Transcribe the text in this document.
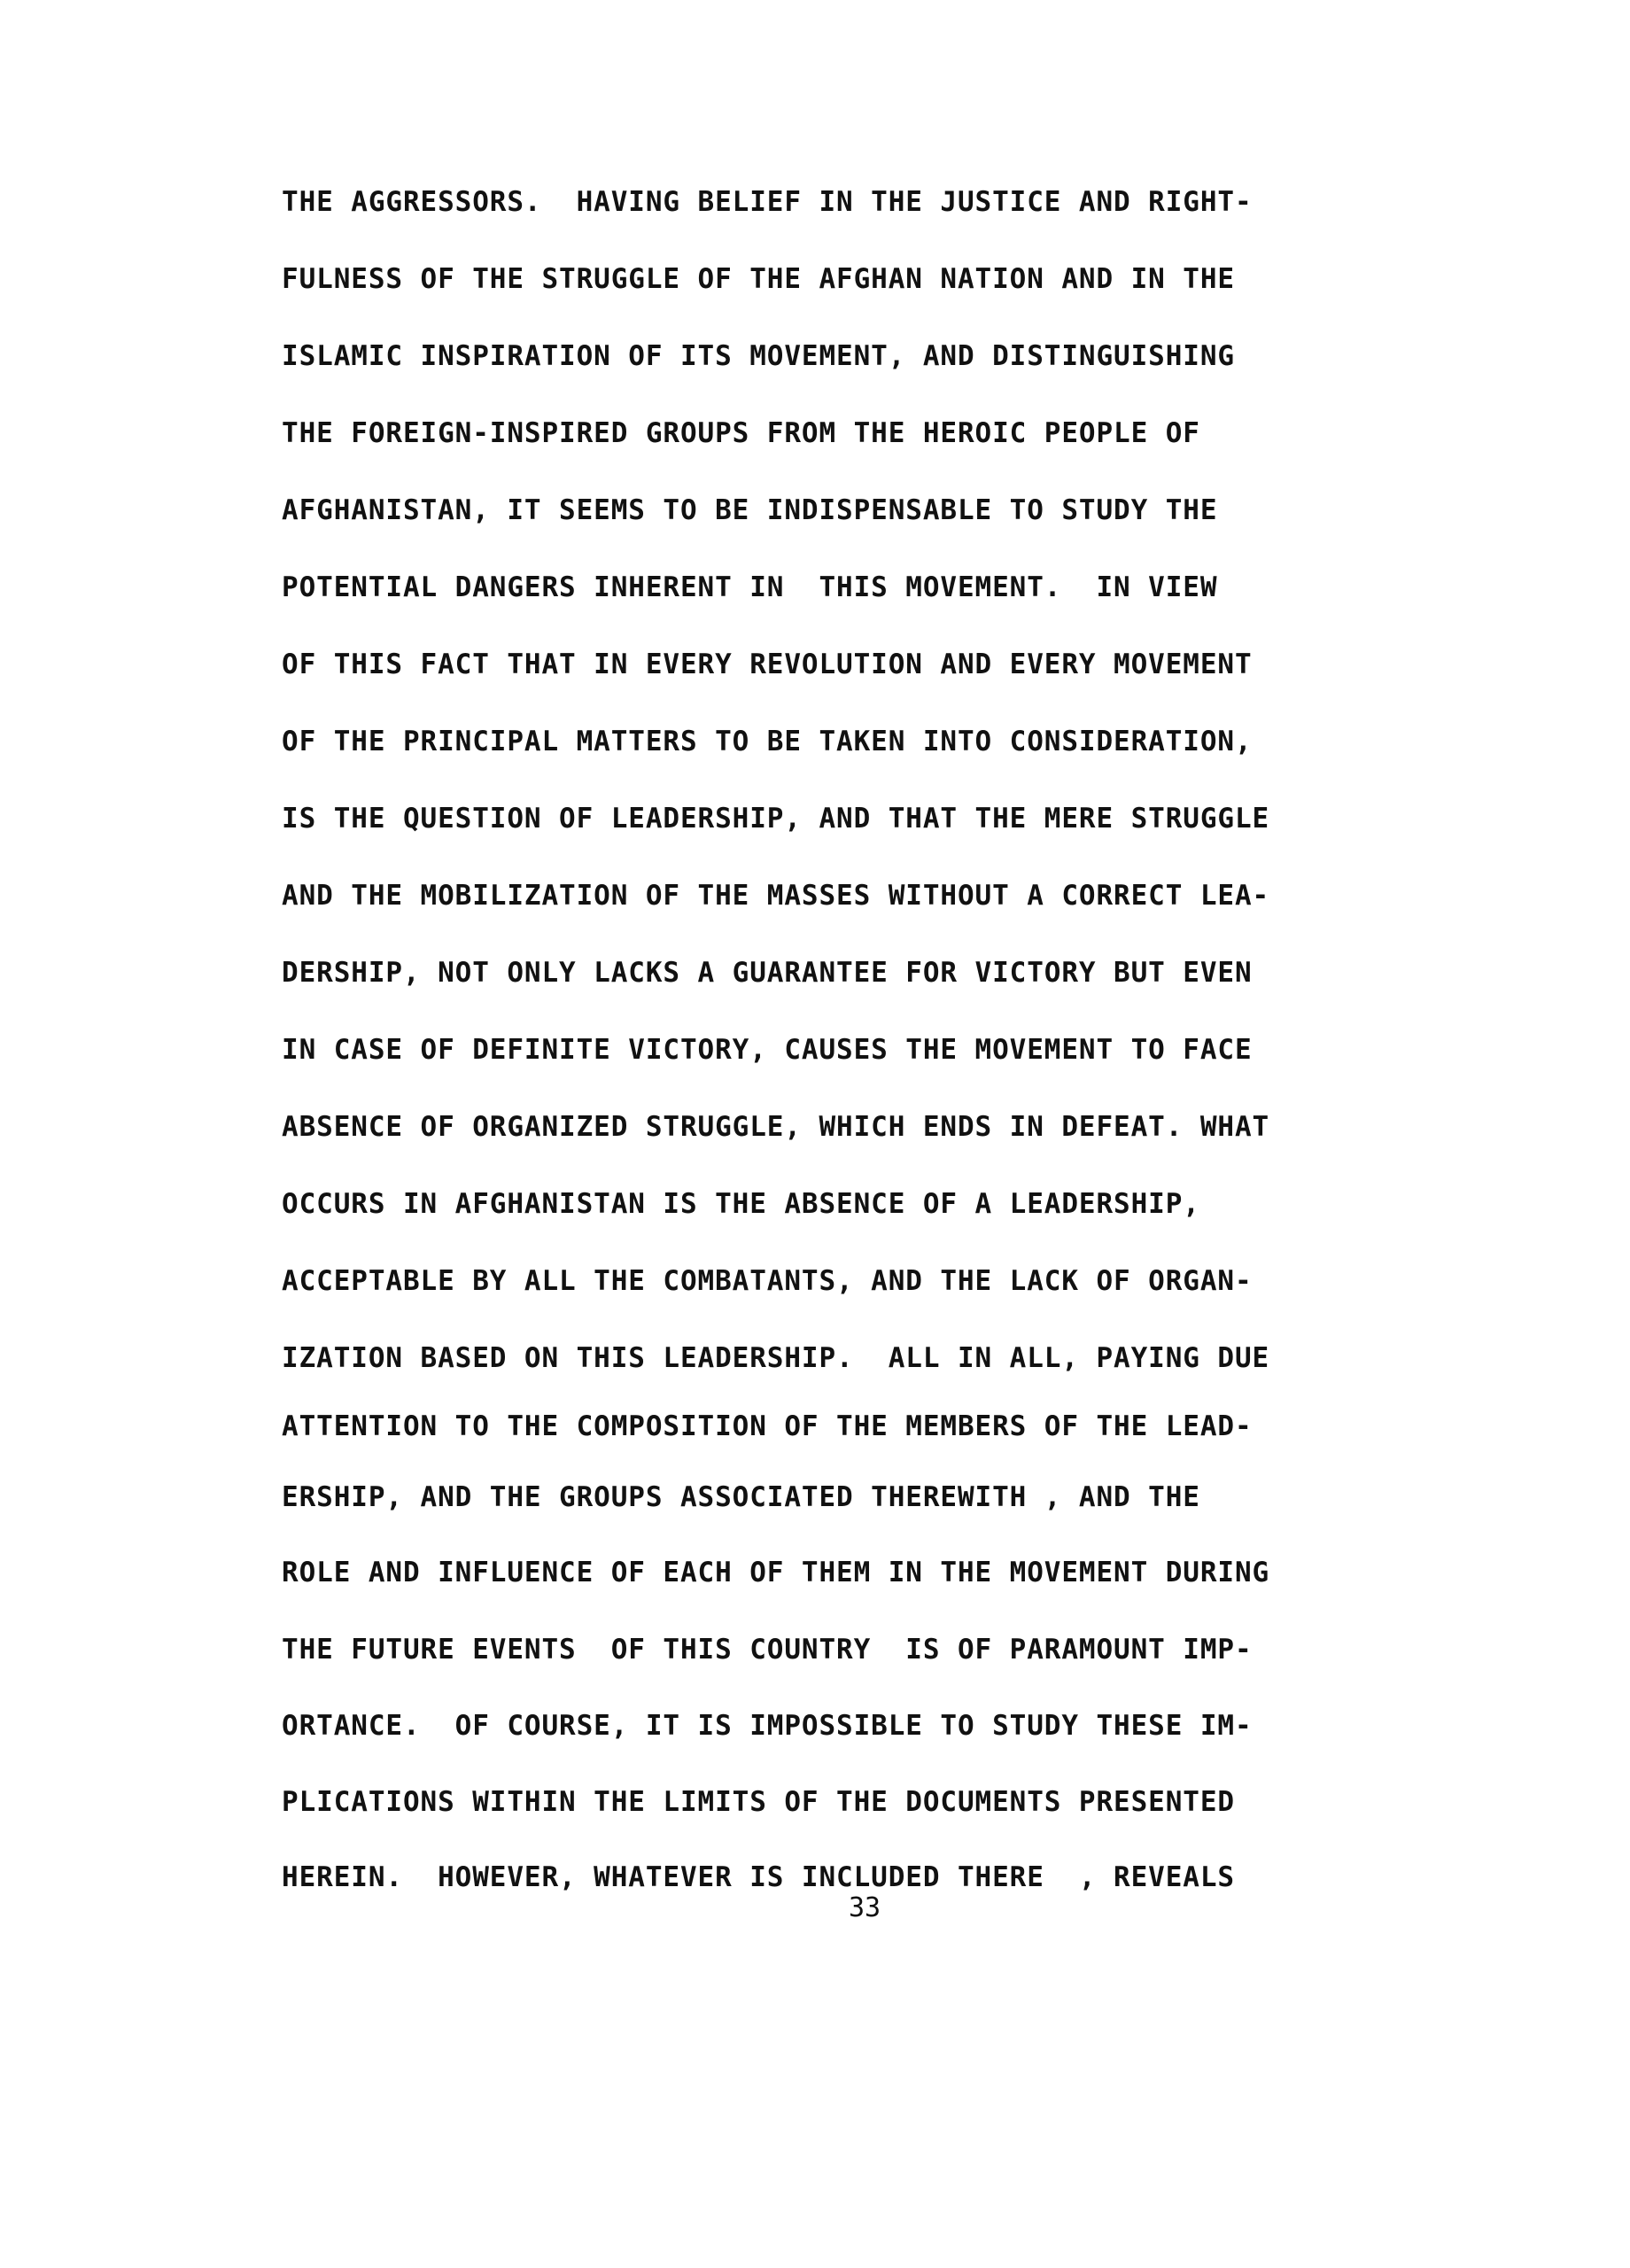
THE AGGRESSORS.  HAVING BELIEF IN THE JUSTICE AND RIGHT-
FULNESS OF THE STRUGGLE OF THE AFGHAN NATION AND IN THE
ISLAMIC INSPIRATION OF ITS MOVEMENT, AND DISTINGUISHING
THE FOREIGN-INSPIRED GROUPS FROM THE HEROIC PEOPLE OF
AFGHANISTAN, IT SEEMS TO BE INDISPENSABLE TO STUDY THE
POTENTIAL DANGERS INHERENT IN  THIS MOVEMENT.  IN VIEW
OF THIS FACT THAT IN EVERY REVOLUTION AND EVERY MOVEMENT
OF THE PRINCIPAL MATTERS TO BE TAKEN INTO CONSIDERATION,
IS THE QUESTION OF LEADERSHIP, AND THAT THE MERE STRUGGLE
AND THE MOBILIZATION OF THE MASSES WITHOUT A CORRECT LEA-
DERSHIP, NOT ONLY LACKS A GUARANTEE FOR VICTORY BUT EVEN
IN CASE OF DEFINITE VICTORY, CAUSES THE MOVEMENT TO FACE
ABSENCE OF ORGANIZED STRUGGLE, WHICH ENDS IN DEFEAT. WHAT
OCCURS IN AFGHANISTAN IS THE ABSENCE OF A LEADERSHIP,
ACCEPTABLE BY ALL THE COMBATANTS, AND THE LACK OF ORGAN-
IZATION BASED ON THIS LEADERSHIP.  ALL IN ALL, PAYING DUE
ATTENTION TO THE COMPOSITION OF THE MEMBERS OF THE LEAD-
ERSHIP, AND THE GROUPS ASSOCIATED THEREWITH , AND THE
ROLE AND INFLUENCE OF EACH OF THEM IN THE MOVEMENT DURING
THE FUTURE EVENTS  OF THIS COUNTRY  IS OF PARAMOUNT IMP-
ORTANCE.  OF COURSE, IT IS IMPOSSIBLE TO STUDY THESE IM-
PLICATIONS WITHIN THE LIMITS OF THE DOCUMENTS PRESENTED
HEREIN.  HOWEVER, WHATEVER IS INCLUDED THERE  , REVEALS
33
